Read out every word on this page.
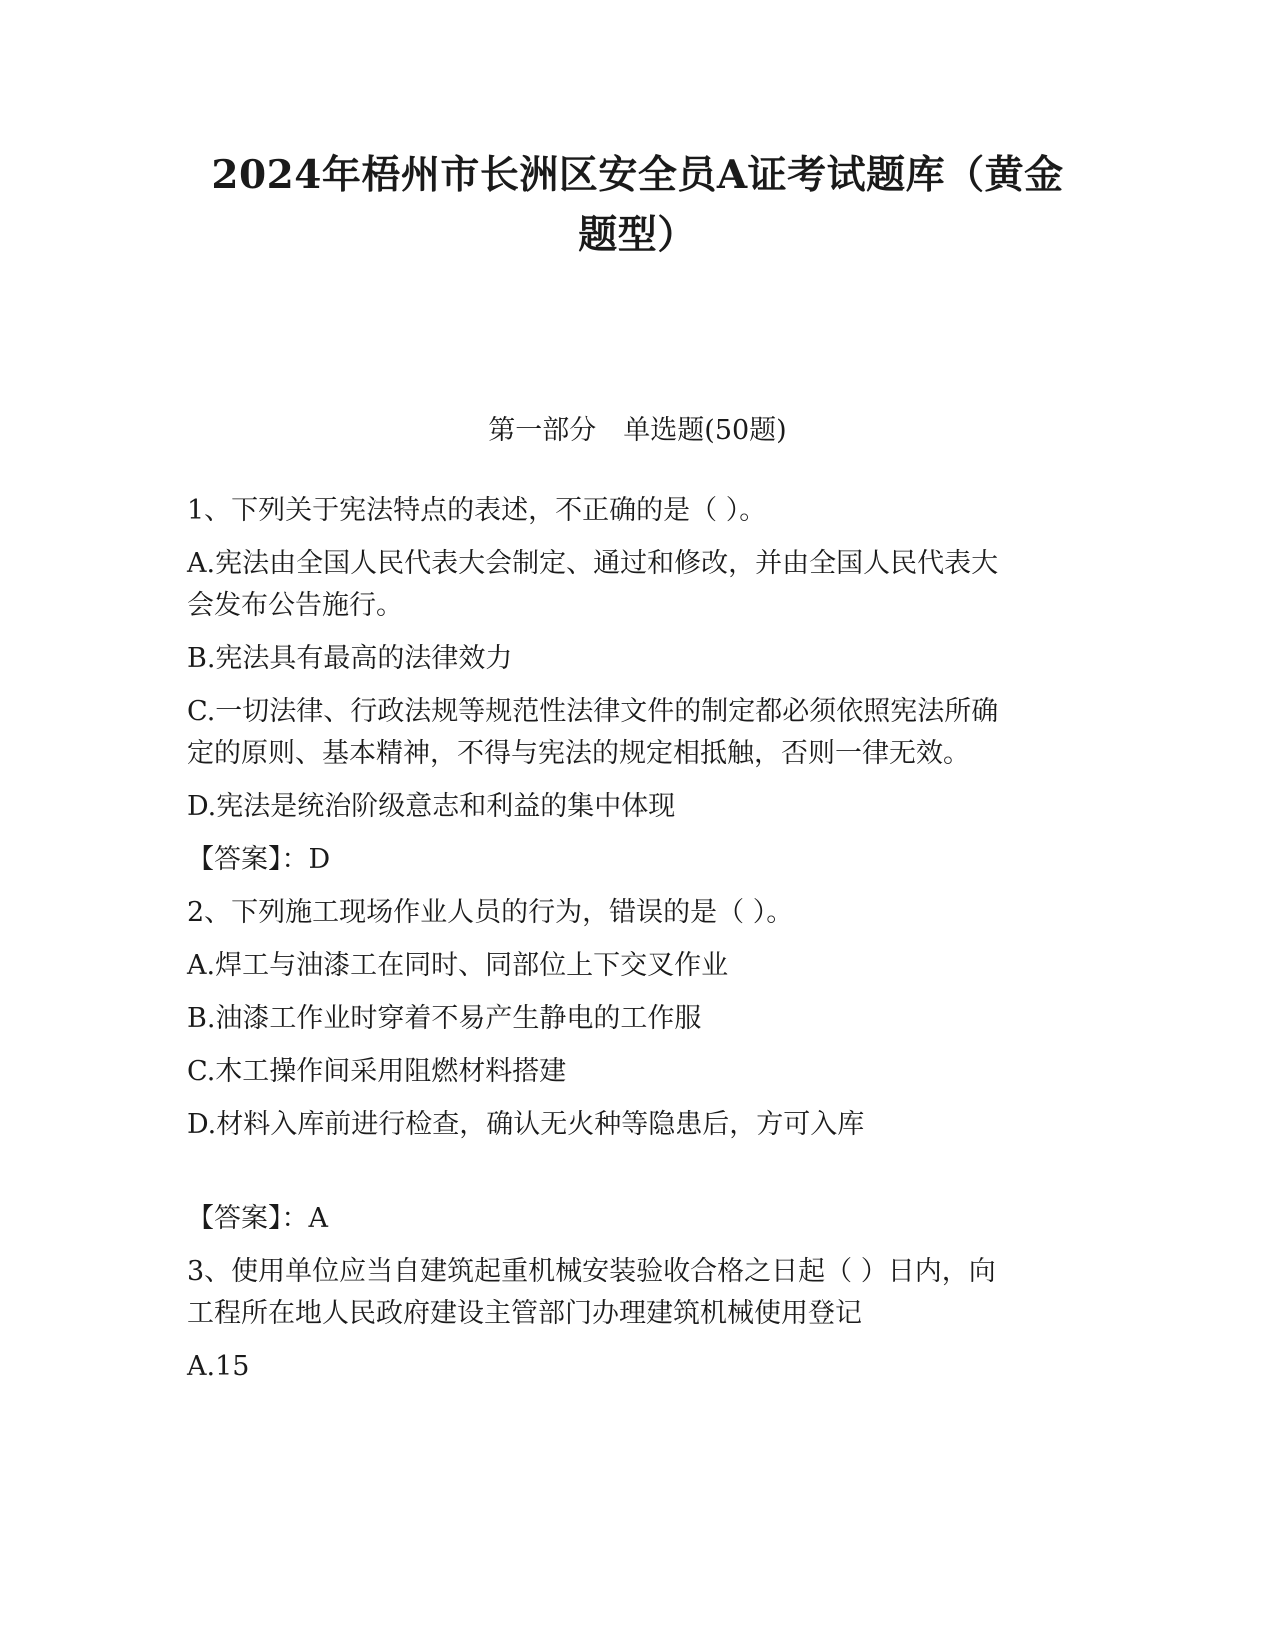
2024年梧州市长洲区安全员A证考试题库（黄金
题型）
第一部分　单选题(50题)
1、下列关于宪法特点的表述，不正确的是（ ）。
A.宪法由全国人民代表大会制定、通过和修改，并由全国人民代表大
会发布公告施行。
B.宪法具有最高的法律效力
C.一切法律、行政法规等规范性法律文件的制定都必须依照宪法所确
定的原则、基本精神，不得与宪法的规定相抵触，否则一律无效。
D.宪法是统治阶级意志和利益的集中体现
【答案】：D
2、下列施工现场作业人员的行为，错误的是（ ）。
A.焊工与油漆工在同时、同部位上下交叉作业
B.油漆工作业时穿着不易产生静电的工作服
C.木工操作间采用阻燃材料搭建
D.材料入库前进行检查，确认无火种等隐患后，方可入库
【答案】：A
3、使用单位应当自建筑起重机械安装验收合格之日起（ ）日内，向
工程所在地人民政府建设主管部门办理建筑机械使用登记
A.15
